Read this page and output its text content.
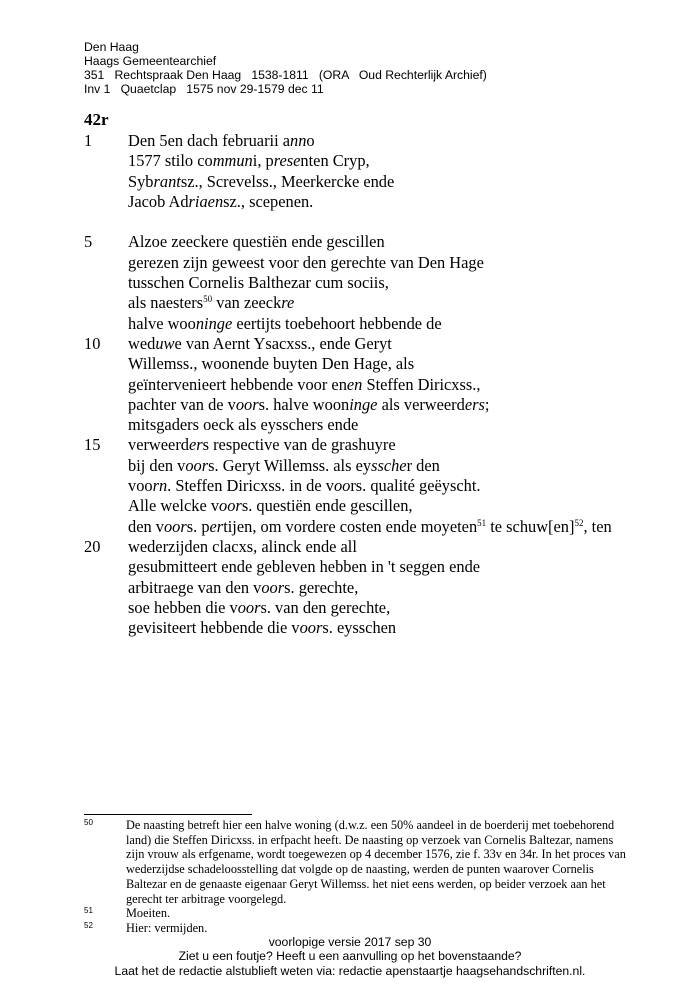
Den Haag
Haags Gemeentearchief
351   Rechtspraak Den Haag   1538-1811   (ORA   Oud Rechterlijk Archief)
Inv 1   Quaetclap   1575 nov 29-1579 dec 11
42r
1	Den 5en dach februarii anno
1577 stilo communi, presenten Cryp,
Sybrantsz., Screvelss., Meerkercke ende
Jacob Adriaensz., scepenen.
5	Alzoe zeeckere questiën ende gescillen
gerezen zijn geweest voor den gerechte van Den Hage
tusschen Cornelis Balthezar cum sociis,
als naesters$^{50}$ van zeeckre
halve wooninge eertijts toebehoort hebbende de
10	weduwe van Aernt Ysacxss., ende Geryt
Willemss., woonende buyten Den Hage, als
geïntervenieert hebbende voor enen Steffen Diricxss.,
pachter van de voors. halve wooninge als verweerders;
mitsgaders oeck als eysschers ende
15	verweerders respective van de grashuyre
bij den voors. Geryt Willemss. als eysscher den
voorn. Steffen Diricxss. in de voors. qualité geëyscht.
Alle welcke voors. questiën ende gescillen,
den voors. pertijen, om vordere costen ende moyeten$^{51}$ te schuw[en]$^{52}$, ten
20	wederzijden clacxs, alinck ende all
gesubmitteert ende gebleven hebben in 't seggen ende
arbitraege van den voors. gerechte,
soe hebben die voors. van den gerechte,
gevisiteert hebbende die voors. eysschen
50	De naasting betreft hier een halve woning (d.w.z. een 50% aandeel in de boerderij met toebehorend land) die Steffen Diricxss. in erfpacht heeft. De naasting op verzoek van Cornelis Baltezar, namens zijn vrouw als erfgename, wordt toegewezen op 4 december 1576, zie f. 33v en 34r. In het proces van wederzijdse schadeloosstelling dat volgde op de naasting, werden de punten waarover Cornelis Baltezar en de genaaste eigenaar Geryt Willemss. het niet eens werden, op beider verzoek aan het gerecht ter arbitrage voorgelegd.
51	Moeiten.
52	Hier: vermijden.
voorlopige versie 2017 sep 30
Ziet u een foutje? Heeft u een aanvulling op het bovenstaande?
Laat het de redactie alstublieft weten via: redactie apenstaartje haagsehandschriften.nl.
